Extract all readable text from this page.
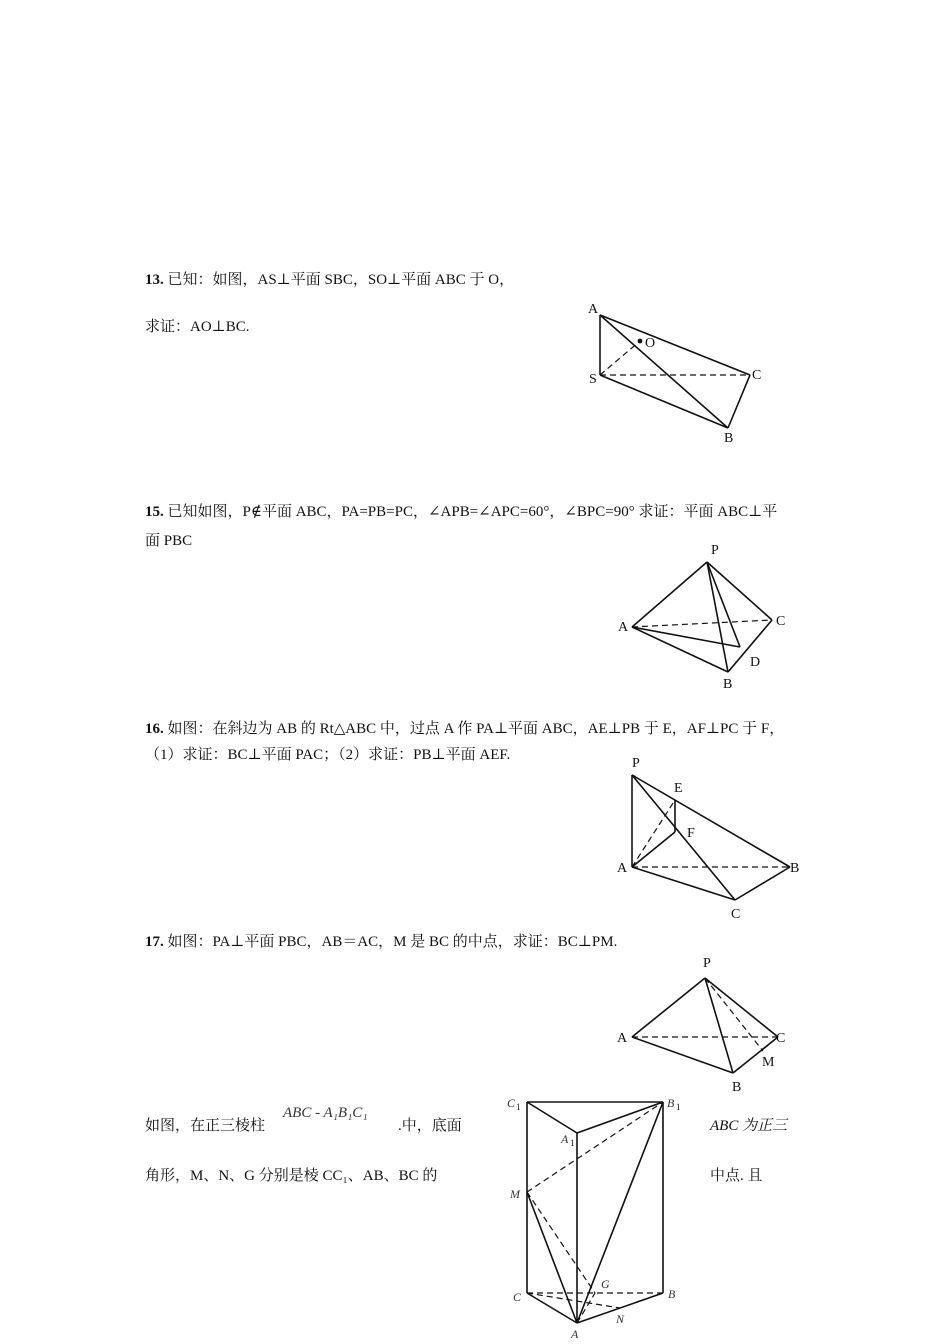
13. 已知：如图，AS⊥平面 SBC，SO⊥平面 ABC 于 O，
求证：AO⊥BC.
A
O
S	C
B
15. 已知如图，P∉平面 ABC，PA=PB=PC，∠APB=∠APC=60°，∠BPC=90° 求证：平面 ABC⊥平
面 PBC
P
A	C
D
B
16. 如图：在斜边为 AB 的 Rt△ABC 中，过点 A 作 PA⊥平面 ABC，AE⊥PB 于 E，AF⊥PC 于 F，
（1）求证：BC⊥平面 PAC；（2）求证：PB⊥平面 AEF.
P
E
F
A	B
C
17. 如图：PA⊥平面 PBC，AB＝AC，M 是 BC 的中点，求证：BC⊥PM.
P
A	C
M
B
如图，在正三棱柱
ABC - A₁B₁C₁
.中，底面	ABC 为正三
角形，M、N、G 分别是棱 CC₁、AB、BC 的	中点. 且
C 1	B 1
A 1
M
G
C	B
A
N
